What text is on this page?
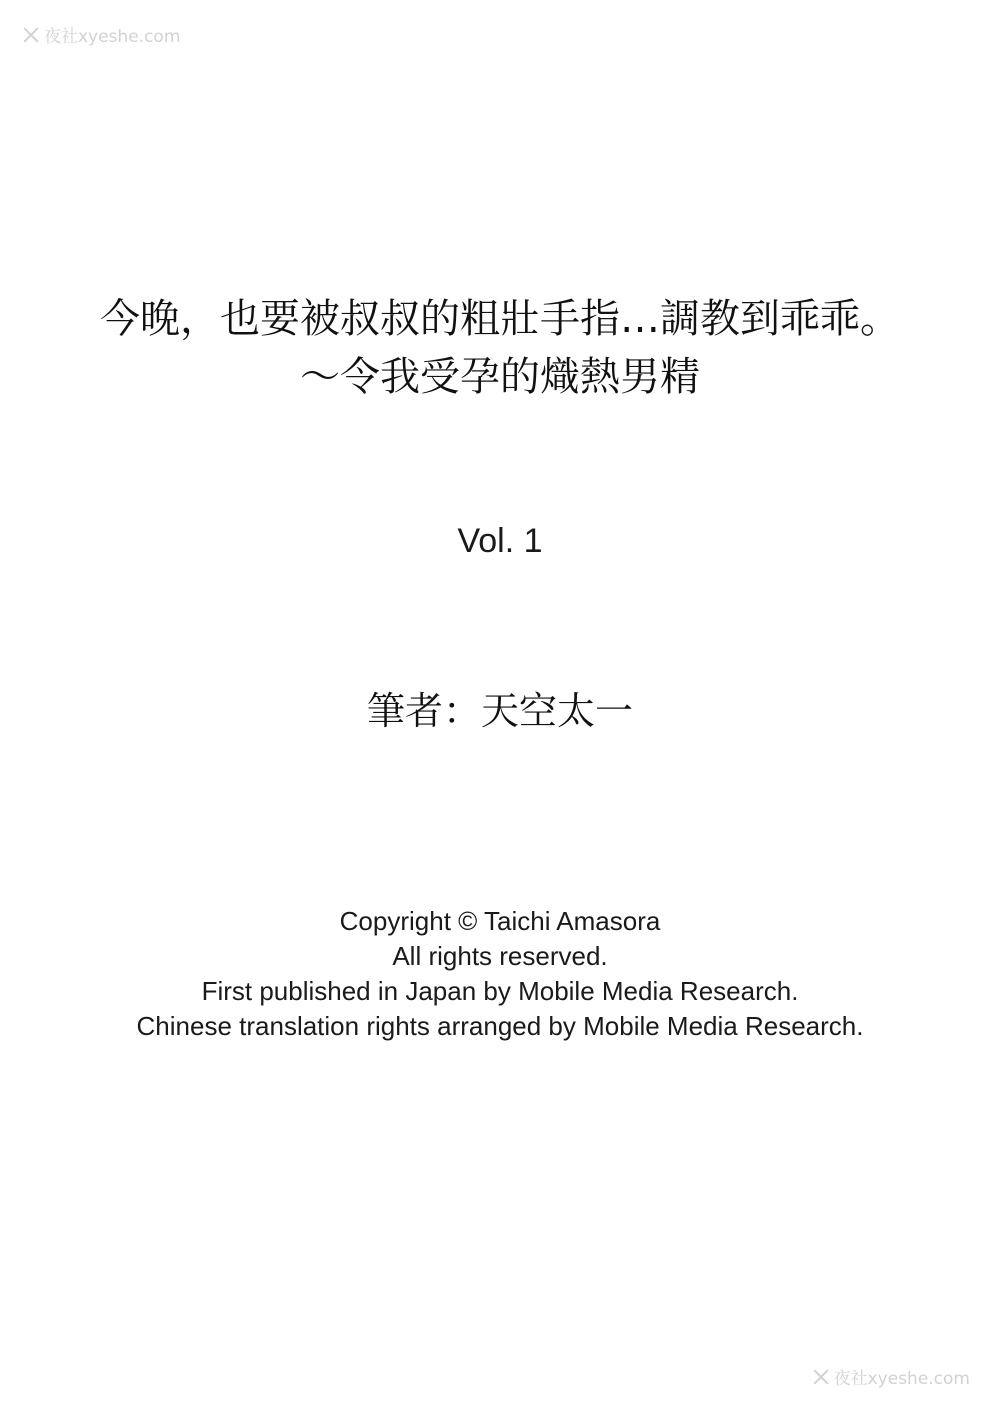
夜社xyeshe.com
今晚，也要被叔叔的粗壯手指…調教到乖乖。
～令我受孕的熾熱男精
Vol. 1
筆者：天空太一
Copyright © Taichi Amasora
All rights reserved.
First published in Japan by Mobile Media Research.
Chinese translation rights arranged by Mobile Media Research.
夜社xyeshe.com
